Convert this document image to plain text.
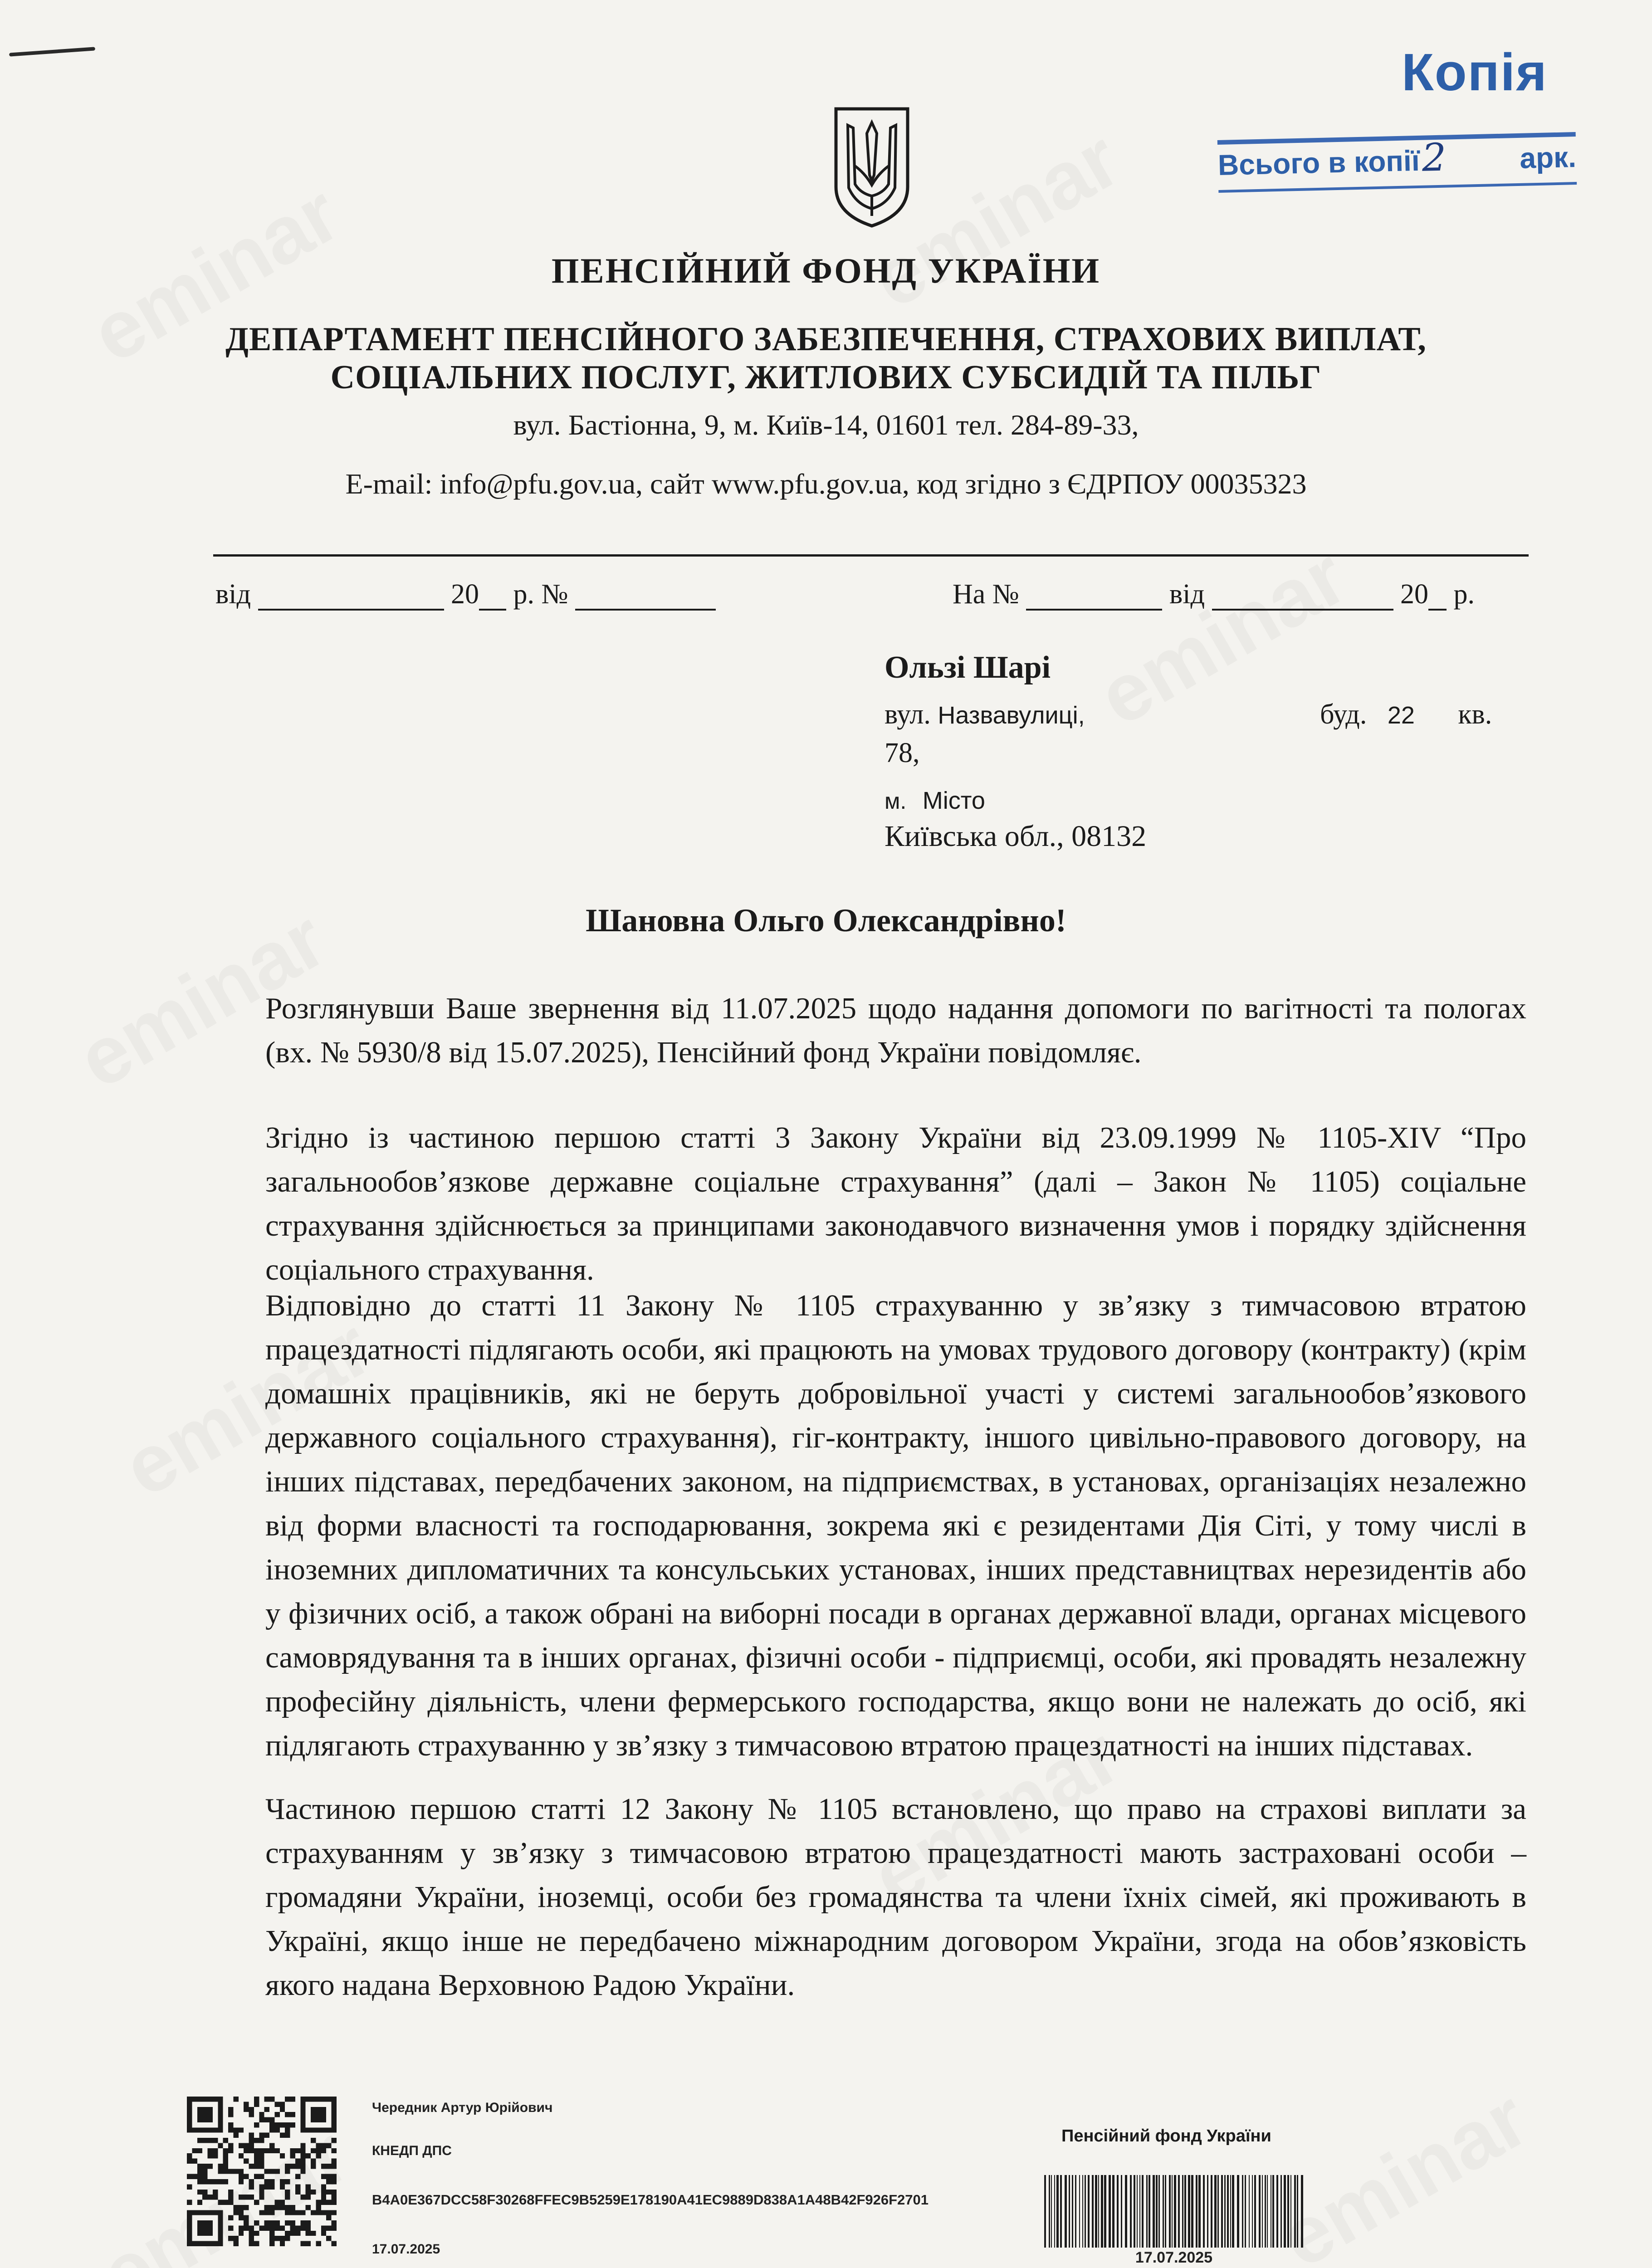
Копія
Всього в копії 2	арк.
ПЕНСІЙНИЙ ФОНД УКРАЇНИ
ДЕПАРТАМЕНТ ПЕНСІЙНОГО ЗАБЕЗПЕЧЕННЯ, СТРАХОВИХ ВИПЛАТ,
СОЦІАЛЬНИХ ПОСЛУГ, ЖИТЛОВИХ СУБСИДІЙ ТА ПІЛЬГ
вул. Бастіонна, 9, м. Київ-14, 01601 тел. 284-89-33,
E-mail: info@pfu.gov.ua, сайт www.pfu.gov.ua, код згідно з ЄДРПОУ 00035323
від	20 р. №	На №	від	20 р.
Ользі Шарі
вул. Назвавулиці,	буд. 22 кв.
78,
м. Місто
Київська обл., 08132
Шановна Ольго Олександрівно!
Розглянувши Ваше звернення від 11.07.2025 щодо надання допомоги по вагітності та пологах (вх. № 5930/8 від 15.07.2025), Пенсійний фонд України повідомляє.
Згідно із частиною першою статті 3 Закону України від 23.09.1999 № 1105-XIV “Про загальнообов’язкове державне соціальне страхування” (далі – Закон № 1105) соціальне страхування здійснюється за принципами законодавчого визначення умов і порядку здійснення соціального страхування.
Відповідно до статті 11 Закону № 1105 страхуванню у зв’язку з тимчасовою втратою працездатності підлягають особи, які працюють на умовах трудового договору (контракту) (крім домашніх працівників, які не беруть добровільної участі у системі загальнообов’язкового державного соціального страхування), гіг-контракту, іншого цивільно-правового договору, на інших підставах, передбачених законом, на підприємствах, в установах, організаціях незалежно від форми власності та господарювання, зокрема які є резидентами Дія Сіті, у тому числі в іноземних дипломатичних та консульських установах, інших представництвах нерезидентів або у фізичних осіб, а також обрані на виборні посади в органах державної влади, органах місцевого самоврядування та в інших органах, фізичні особи - підприємці, особи, які провадять незалежну професійну діяльність, члени фермерського господарства, якщо вони не належать до осіб, які підлягають страхуванню у зв’язку з тимчасовою втратою працездатності на інших підставах.
Частиною першою статті 12 Закону № 1105 встановлено, що право на страхові виплати за страхуванням у зв’язку з тимчасовою втратою працездатності мають застраховані особи – громадяни України, іноземці, особи без громадянства та члени їхніх сімей, які проживають в Україні, якщо інше не передбачено міжнародним договором України, згода на обов’язковість якого надана Верховною Радою України.
Чередник Артур Юрійович
КНЕДП ДПС
B4A0E367DCC58F30268FFEC9B5259E178190A41EC9889D838A1A48B42F926F2701
17.07.2025
Пенсійний фонд України
17.07.2025
